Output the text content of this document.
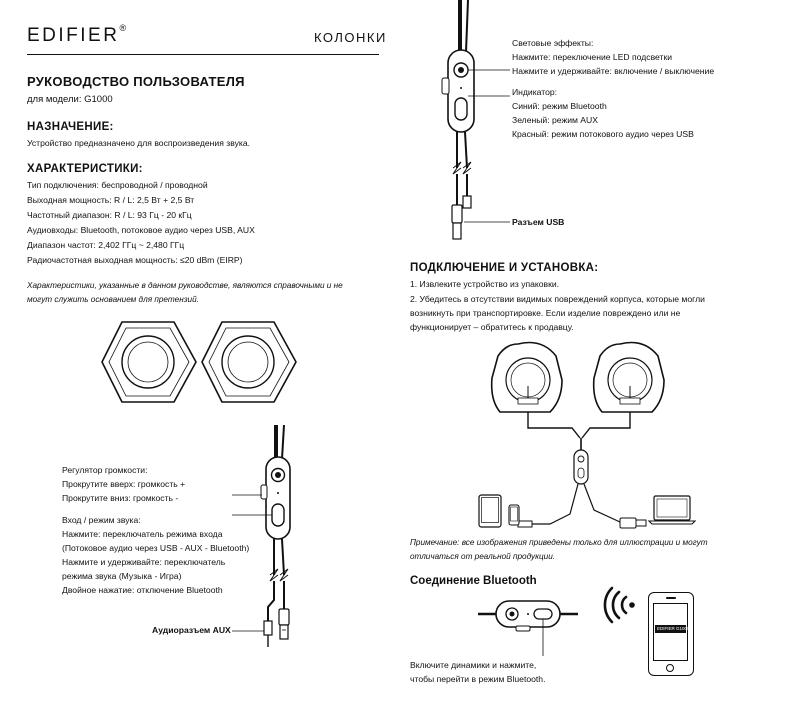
EDIFIER®
КОЛОНКИ
РУКОВОДСТВО ПОЛЬЗОВАТЕЛЯ
для модели: G1000
НАЗНАЧЕНИЕ:
Устройство предназначено для воспроизведения звука.
ХАРАКТЕРИСТИКИ:
Тип подключения: беспроводной / проводной
Выходная мощность: R / L: 2,5 Вт + 2,5 Вт
Частотный диапазон: R / L: 93 Гц - 20 кГц
Аудиовходы: Bluetooth, потоковое аудио через USB, AUX
Диапазон частот: 2,402 ГГц ~ 2,480 ГГц
Радиочастотная выходная мощность: ≤20 dBm (EIRP)
Характеристики, указанные в данном руководстве, являются справочными и не
могут служить основанием для претензий.
Регулятор громкости:
Прокрутите вверх: громкость +
Прокрутите вниз: громкость -
Вход / режим звука:
Нажмите: переключатель режима входа
(Потоковое аудио через USB - AUX - Bluetooth)
Нажмите и удерживайте: переключатель
режима звука (Музыка - Игра)
Двойное нажатие: отключение Bluetooth
Аудиоразъем AUX
Световые эффекты:
Нажмите: переключение LED подсветки
Нажмите и удерживайте: включение / выключение
Индикатор:
Синий: режим Bluetooth
Зеленый: режим AUX
Красный: режим потокового аудио через USB
Разъем USB
ПОДКЛЮЧЕНИЕ И УСТАНОВКА:
1. Извлеките устройство из упаковки.
2. Убедитесь в отсутствии видимых повреждений корпуса, которые могли
возникнуть при транспортировке. Если изделие повреждено или не
функционирует – обратитесь к продавцу.
Примечание: все изображения приведены только для иллюстрации и могут
отличаться от реальной продукции.
Соединение Bluetooth
EDIFIER G1000
Включите динамики и нажмите,
чтобы перейти в режим Bluetooth.
